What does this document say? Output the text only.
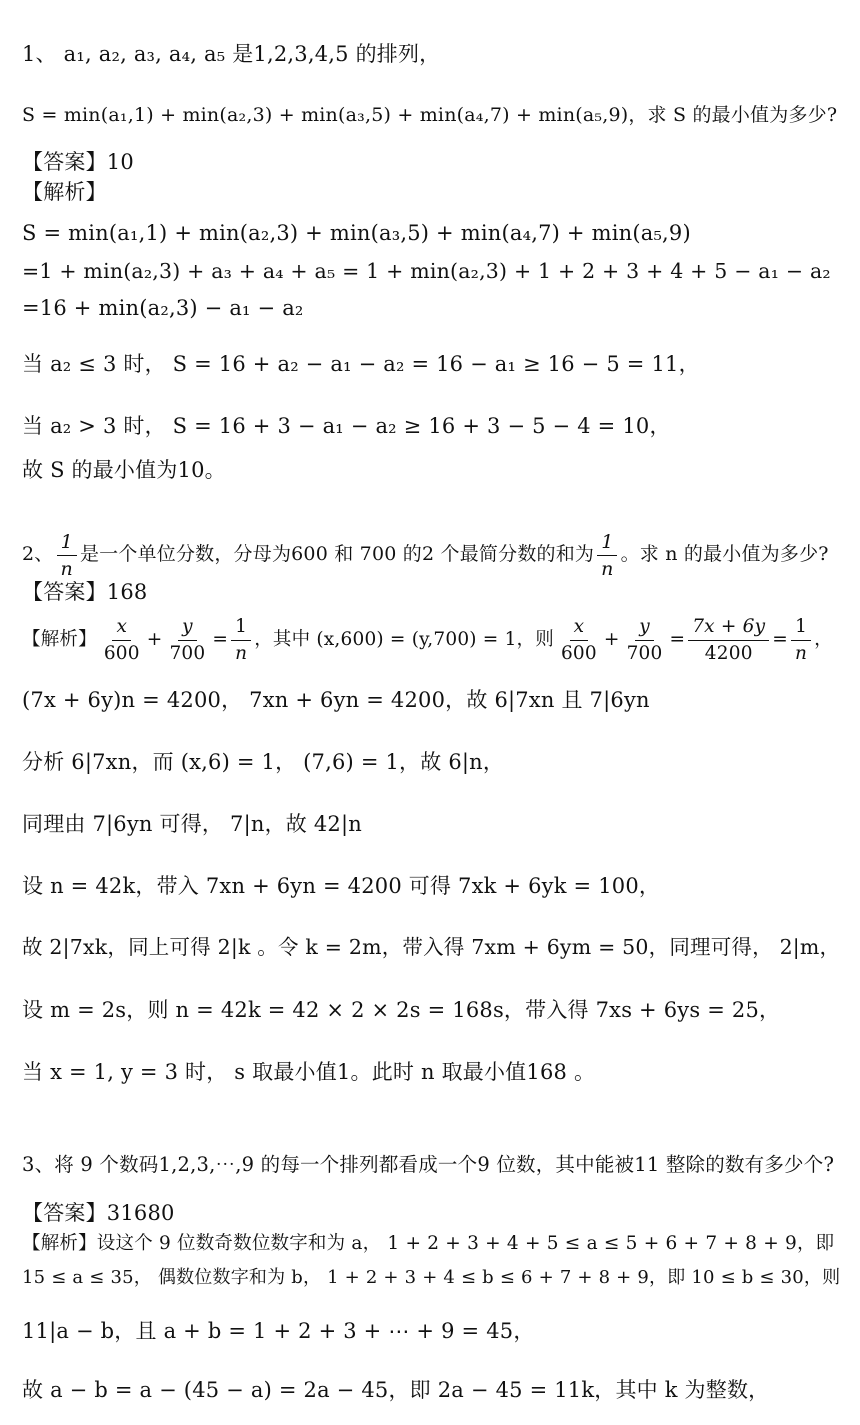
1、 a₁, a₂, a₃, a₄, a₅ 是1,2,3,4,5 的排列，
S = min(a₁,1) + min(a₂,3) + min(a₃,5) + min(a₄,7) + min(a₅,9)，求 S 的最小值为多少?
【答案】10
【解析】
S = min(a₁,1) + min(a₂,3) + min(a₃,5) + min(a₄,7) + min(a₅,9)
=1 + min(a₂,3) + a₃ + a₄ + a₅ = 1 + min(a₂,3) + 1 + 2 + 3 + 4 + 5 − a₁ − a₂
=16 + min(a₂,3) − a₁ − a₂
当 a₂ ≤ 3 时， S = 16 + a₂ − a₁ − a₂ = 16 − a₁ ≥ 16 − 5 = 11，
当 a₂ > 3 时， S = 16 + 3 − a₁ − a₂ ≥ 16 + 3 − 5 − 4 = 10，
故 S 的最小值为10。
2、 $\frac{1}{n}$ 是一个单位分数，分母为600 和 700 的2 个最简分数的和为 $\frac{1}{n}$ 。求 n 的最小值为多少?
【答案】168
【解析】 $\frac{x}{600} + \frac{y}{700} = \frac{1}{n}$ ，其中 (x,600) = (y,700) = 1，则 $\frac{x}{600} + \frac{y}{700} = \frac{7x + 6y}{4200} = \frac{1}{n}$ ，
(7x + 6y)n = 4200， 7xn + 6yn = 4200，故 6|7xn 且 7|6yn
分析 6|7xn，而 (x,6) = 1， (7,6) = 1，故 6|n，
同理由 7|6yn 可得， 7|n，故 42|n
设 n = 42k，带入 7xn + 6yn = 4200 可得 7xk + 6yk = 100，
故 2|7xk，同上可得 2|k 。令 k = 2m，带入得 7xm + 6ym = 50，同理可得， 2|m，
设 m = 2s，则 n = 42k = 42 × 2 × 2s = 168s，带入得 7xs + 6ys = 25，
当 x = 1, y = 3 时， s 取最小值1。此时 n 取最小值168 。
3、将 9 个数码1,2,3,⋯,9 的每一个排列都看成一个9 位数，其中能被11 整除的数有多少个?
【答案】31680
【解析】设这个 9 位数奇数位数字和为 a， 1 + 2 + 3 + 4 + 5 ≤ a ≤ 5 + 6 + 7 + 8 + 9，即
15 ≤ a ≤ 35， 偶数位数字和为 b， 1 + 2 + 3 + 4 ≤ b ≤ 6 + 7 + 8 + 9，即 10 ≤ b ≤ 30，则
11|a − b，且 a + b = 1 + 2 + 3 + ⋯ + 9 = 45，
故 a − b = a − (45 − a) = 2a − 45，即 2a − 45 = 11k，其中 k 为整数，
